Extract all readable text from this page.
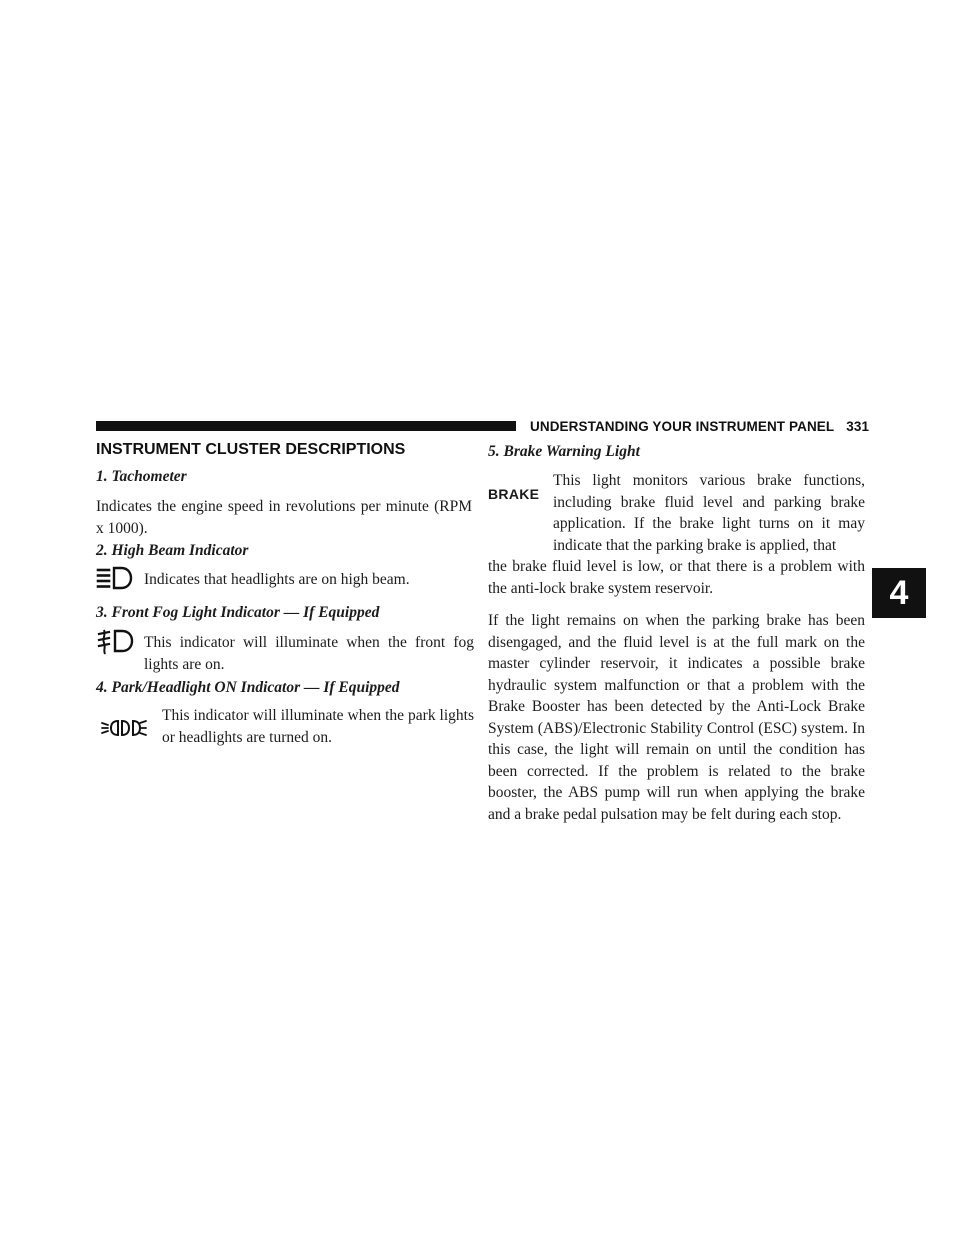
UNDERSTANDING YOUR INSTRUMENT PANEL 331
4
INSTRUMENT CLUSTER DESCRIPTIONS
1. Tachometer
Indicates the engine speed in revolutions per minute (RPM x 1000).
2. High Beam Indicator
Indicates that headlights are on high beam.
3. Front Fog Light Indicator — If Equipped
This indicator will illuminate when the front fog lights are on.
4. Park/Headlight ON Indicator — If Equipped
This indicator will illuminate when the park lights or headlights are turned on.
5. Brake Warning Light
BRAKE
This light monitors various brake functions, including brake fluid level and parking brake application. If the brake light turns on it may indicate that the parking brake is applied, that
the brake fluid level is low, or that there is a problem with the anti-lock brake system reservoir.
If the light remains on when the parking brake has been disengaged, and the fluid level is at the full mark on the master cylinder reservoir, it indicates a possible brake hydraulic system malfunction or that a problem with the Brake Booster has been detected by the Anti-Lock Brake System (ABS)/Electronic Stability Control (ESC) system. In this case, the light will remain on until the condition has been corrected. If the problem is related to the brake booster, the ABS pump will run when applying the brake and a brake pedal pulsation may be felt during each stop.
